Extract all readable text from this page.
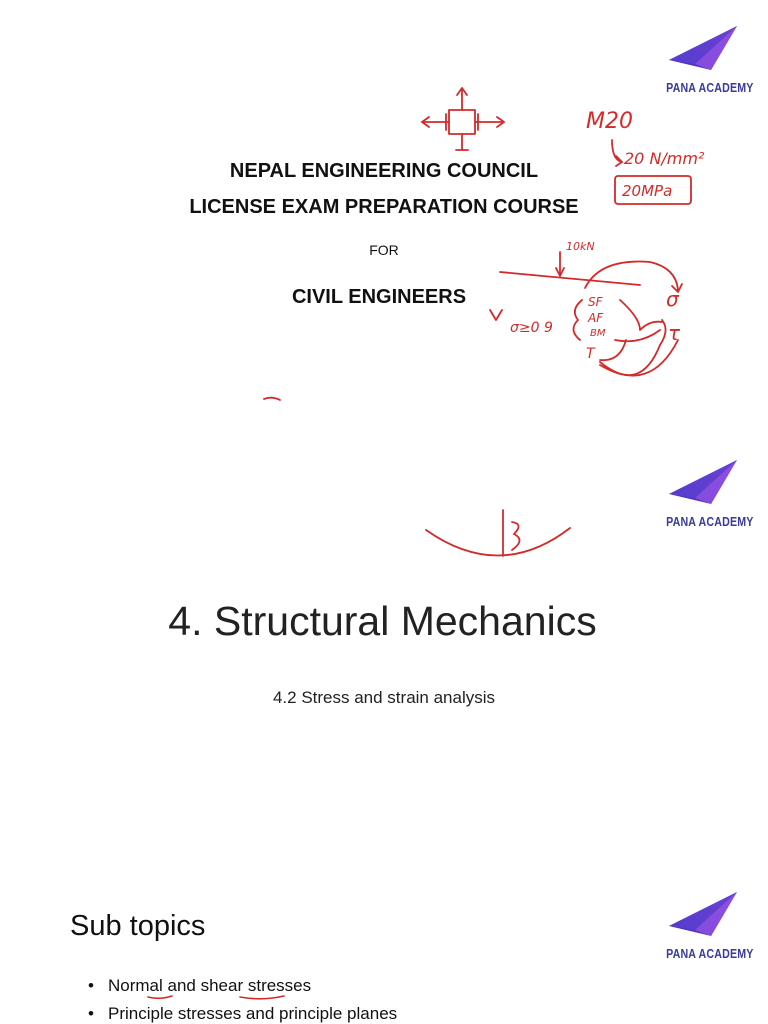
PANA ACADEMY
NEPAL ENGINEERING COUNCIL
LICENSE EXAM PREPARATION COURSE
FOR
CIVIL ENGINEERS
M20
20 N/mm²
20MPa
10kN
SF
AF
BM
T
σ
τ
σ≥0 9
PANA ACADEMY
4. Structural Mechanics
4.2 Stress and strain analysis
PANA ACADEMY
Sub topics
• Normal and shear stresses
• Principle stresses and principle planes
